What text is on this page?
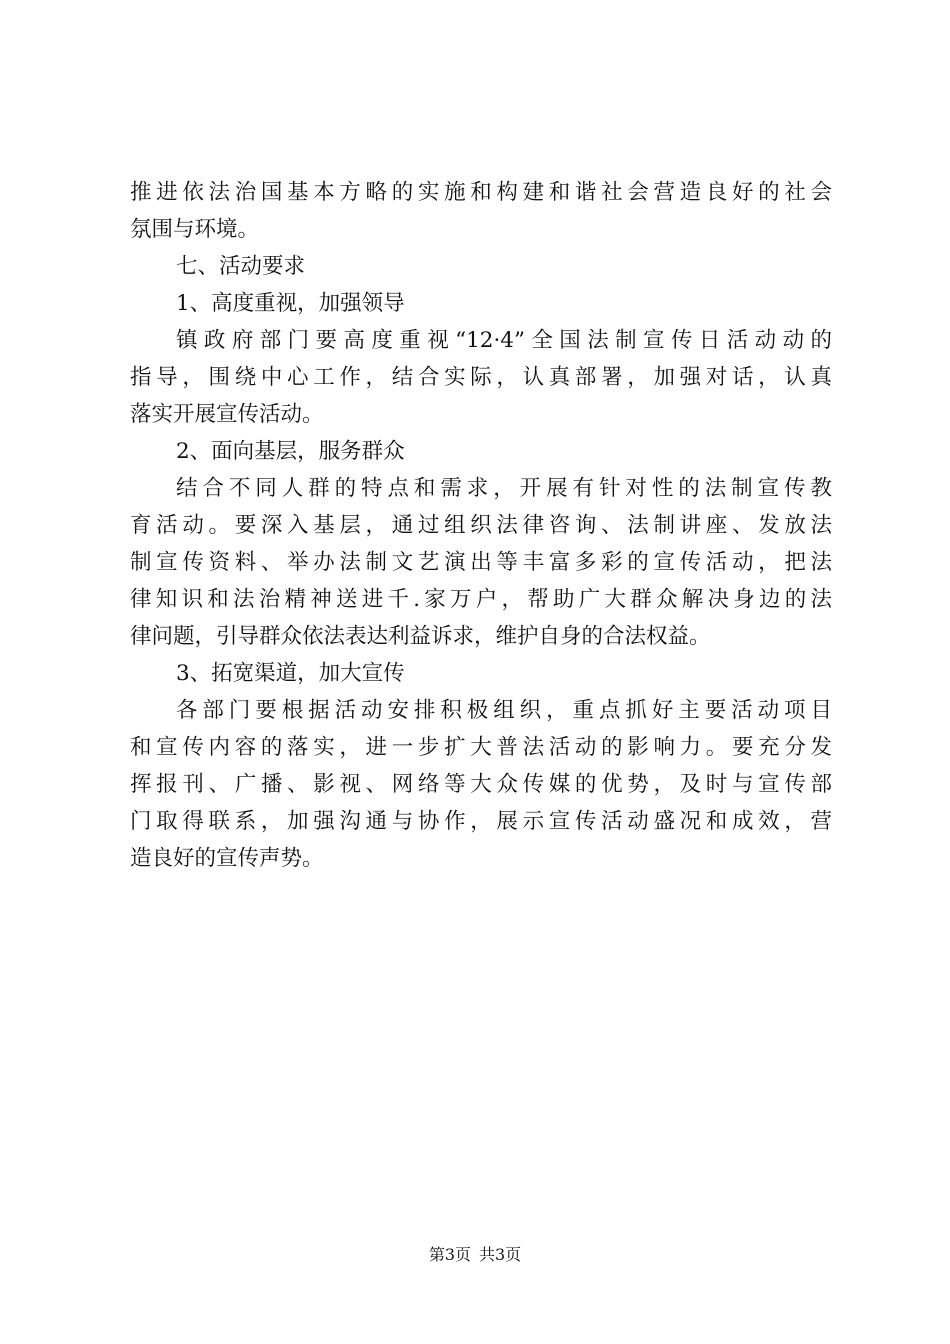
推进依法治国基本方略的实施和构建和谐社会营造良好的社会
氛围与环境。
七、活动要求
1、高度重视，加强领导
镇政府部门要高度重视“12·4”全国法制宣传日活动动的
指导，围绕中心工作，结合实际，认真部署，加强对话，认真
落实开展宣传活动。
2、面向基层，服务群众
结合不同人群的特点和需求，开展有针对性的法制宣传教
育活动。要深入基层，通过组织法律咨询、法制讲座、发放法
制宣传资料、举办法制文艺演出等丰富多彩的宣传活动，把法
律知识和法治精神送进千.家万户，帮助广大群众解决身边的法
律问题，引导群众依法表达利益诉求，维护自身的合法权益。
3、拓宽渠道，加大宣传
各部门要根据活动安排积极组织，重点抓好主要活动项目
和宣传内容的落实，进一步扩大普法活动的影响力。要充分发
挥报刊、广播、影视、网络等大众传媒的优势，及时与宣传部
门取得联系，加强沟通与协作，展示宣传活动盛况和成效，营
造良好的宣传声势。
第3页 共3页
